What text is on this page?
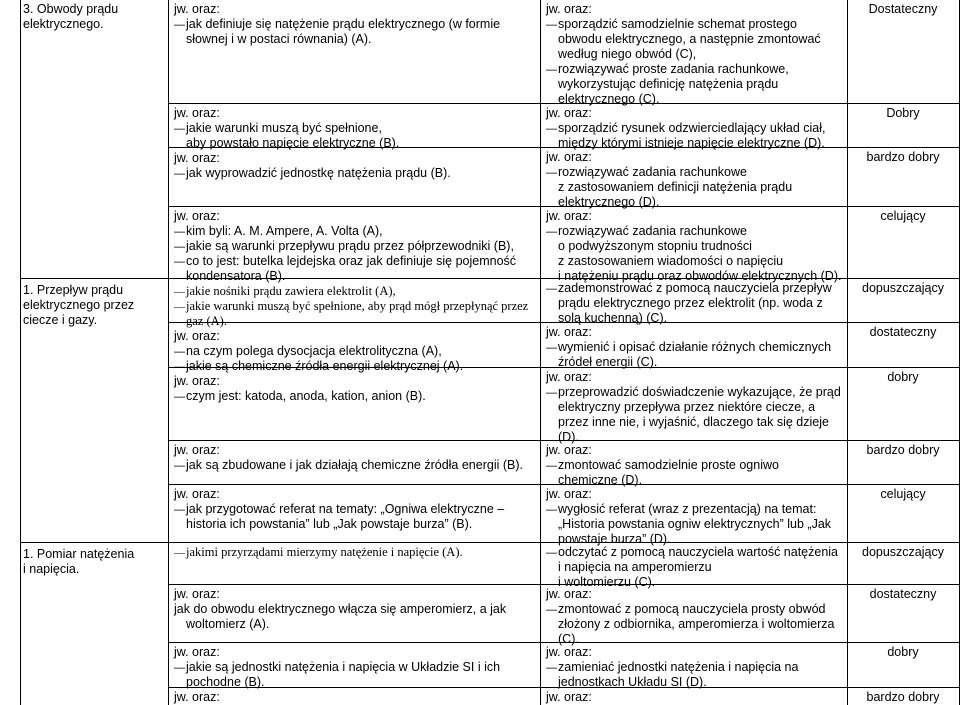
3. Obwody prądu
elektrycznego.
1. Przepływ prądu
elektrycznego przez
ciecze i gazy.
1. Pomiar natężenia
i napięcia.
jw. oraz:
— jak definiuje się natężenie prądu elektrycznego (w formie
słownej i w postaci równania) (A).
jw. oraz:
— jakie warunki muszą być spełnione,
aby powstało napięcie elektryczne (B).
jw. oraz:
— jak wyprowadzić jednostkę natężenia prądu (B).
jw. oraz:
— kim byli: A. M. Ampere, A. Volta (A),
— jakie są warunki przepływu prądu przez półprzewodniki (B),
— co to jest: butelka lejdejska oraz jak definiuje się pojemność
kondensatora (B).
— jakie nośniki prądu zawiera elektrolit (A),
— jakie warunki muszą być spełnione, aby prąd mógł przepłynąć przez
gaz (A).
jw. oraz:
— na czym polega dysocjacja elektrolityczna (A),
— jakie są chemiczne źródła energii elektrycznej (A).
jw. oraz:
— czym jest: katoda, anoda, kation, anion (B).
jw. oraz:
— jak są zbudowane i jak działają chemiczne źródła energii (B).
jw. oraz:
— jak przygotować referat na tematy: „Ogniwa elektryczne –
historia ich powstania” lub „Jak powstaje burza” (B).
— jakimi przyrządami mierzymy natężenie i napięcie (A).
jw. oraz:
jak do obwodu elektrycznego włącza się amperomierz, a jak
woltomierz (A).
jw. oraz:
— jakie są jednostki natężenia i napięcia w Układzie SI i ich
pochodne (B).
jw. oraz:
jw. oraz:
— sporządzić samodzielnie schemat prostego
obwodu elektrycznego, a następnie zmontować
według niego obwód (C),
— rozwiązywać proste zadania rachunkowe,
wykorzystując definicję natężenia prądu
elektrycznego (C).
jw. oraz:
— sporządzić rysunek odzwierciedlający układ ciał,
między którymi istnieje napięcie elektryczne (D).
jw. oraz:
— rozwiązywać zadania rachunkowe
z zastosowaniem definicji natężenia prądu
elektrycznego (D).
jw. oraz:
— rozwiązywać zadania rachunkowe
o podwyższonym stopniu trudności
z zastosowaniem wiadomości o napięciu
i natężeniu prądu oraz obwodów elektrycznych (D).
— zademonstrować z pomocą nauczyciela przepływ
prądu elektrycznego przez elektrolit (np. woda z
solą kuchenną) (C).
jw. oraz:
— wymienić i opisać działanie różnych chemicznych
źródeł energii (C).
jw. oraz:
— przeprowadzić doświadczenie wykazujące, że prąd
elektryczny przepływa przez niektóre ciecze, a
przez inne nie, i wyjaśnić, dlaczego tak się dzieje
(D).
jw. oraz:
— zmontować samodzielnie proste ogniwo
chemiczne (D).
jw. oraz:
— wygłosić referat (wraz z prezentacją) na temat:
„Historia powstania ogniw elektrycznych” lub „Jak
powstaje burza” (D).
— odczytać z pomocą nauczyciela wartość natężenia
i napięcia na amperomierzu
i woltomierzu (C).
jw. oraz:
— zmontować z pomocą nauczyciela prosty obwód
złożony z odbiornika, amperomierza i woltomierza
(C).
jw. oraz:
— zamieniać jednostki natężenia i napięcia na
jednostkach Układu SI (D).
jw. oraz:
Dostateczny
Dobry
bardzo dobry
celujący
dopuszczający
dostateczny
dobry
bardzo dobry
celujący
dopuszczający
dostateczny
dobry
bardzo dobry
